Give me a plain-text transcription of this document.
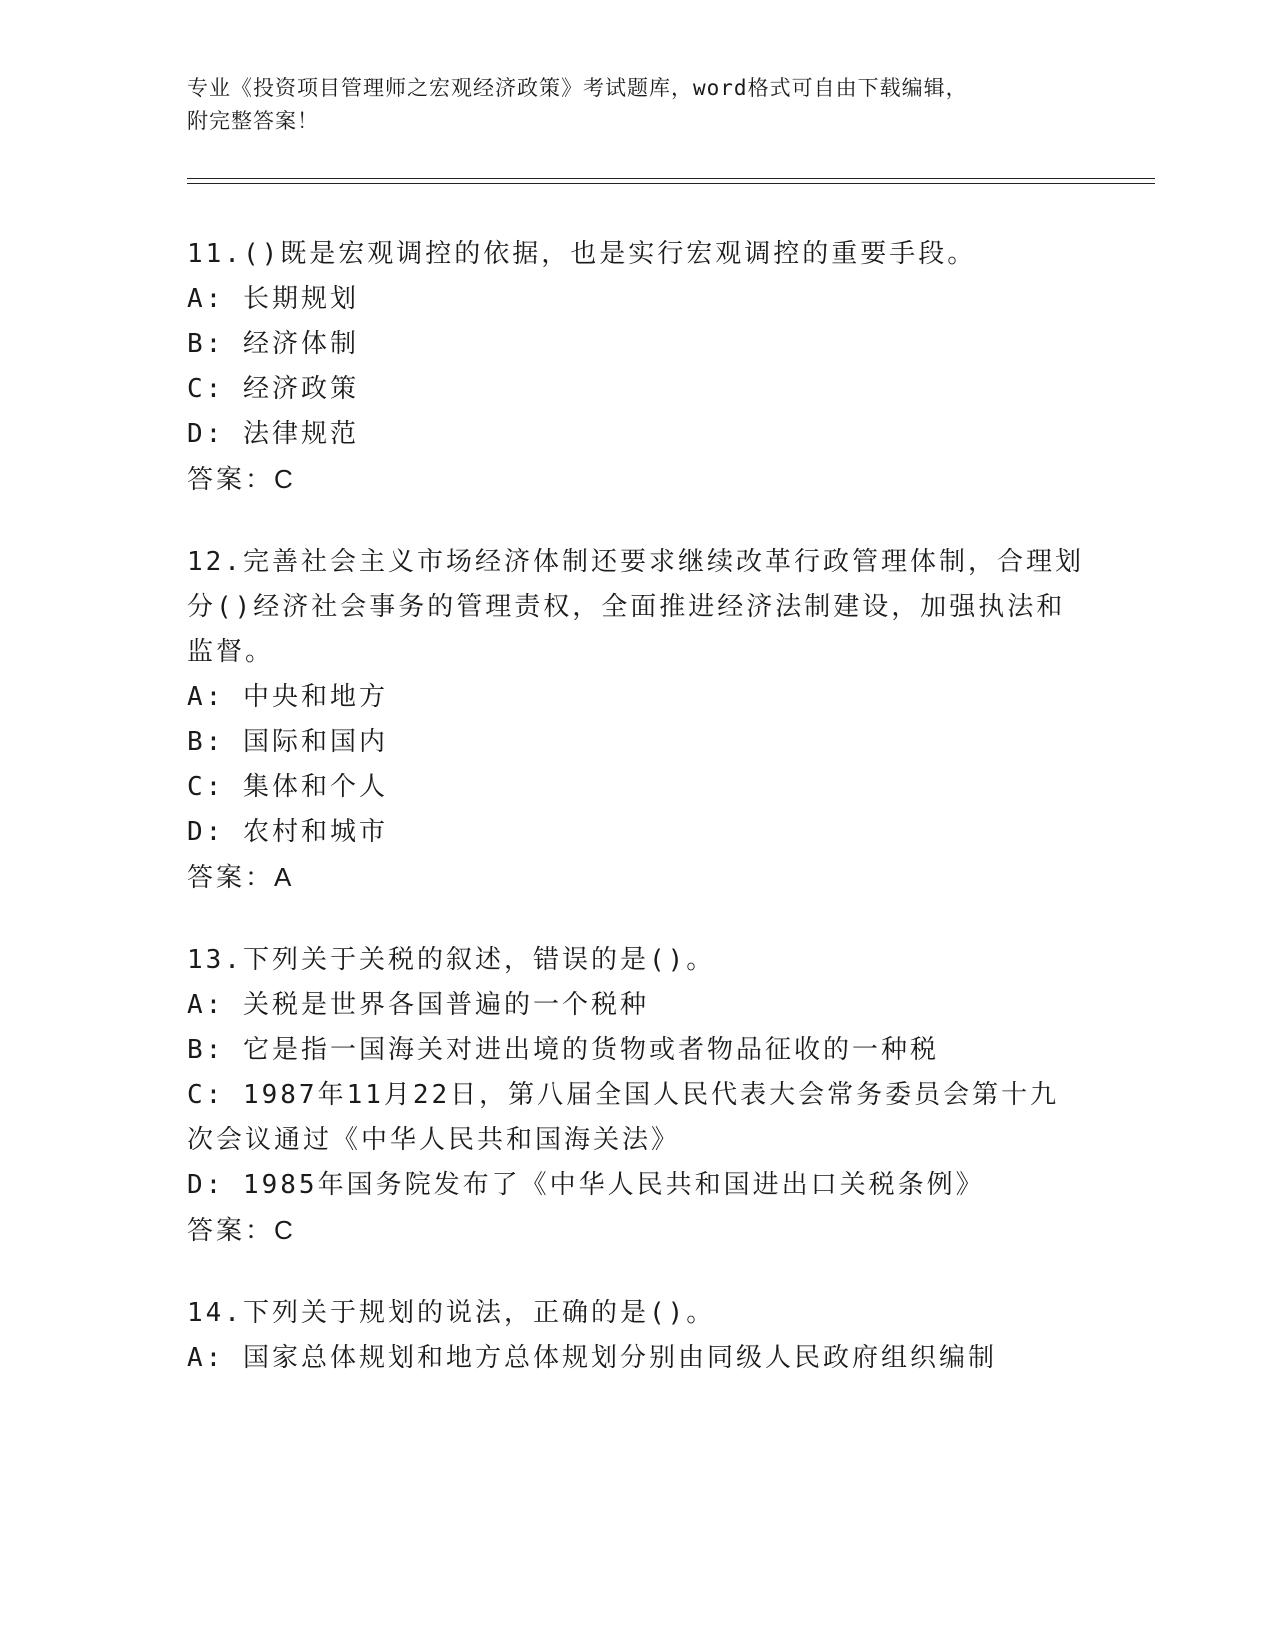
专业《投资项目管理师之宏观经济政策》考试题库，word格式可自由下载编辑，
附完整答案！
11.()既是宏观调控的依据，也是实行宏观调控的重要手段。
A: 长期规划
B: 经济体制
C: 经济政策
D: 法律规范
答案：C
12.完善社会主义市场经济体制还要求继续改革行政管理体制，合理划分()经济社会事务的管理责权，全面推进经济法制建设，加强执法和监督。
A: 中央和地方
B: 国际和国内
C: 集体和个人
D: 农村和城市
答案：A
13.下列关于关税的叙述，错误的是()。
A: 关税是世界各国普遍的一个税种
B: 它是指一国海关对进出境的货物或者物品征收的一种税
C: 1987年11月22日，第八届全国人民代表大会常务委员会第十九次会议通过《中华人民共和国海关法》
D: 1985年国务院发布了《中华人民共和国进出口关税条例》
答案：C
14.下列关于规划的说法，正确的是()。
A: 国家总体规划和地方总体规划分别由同级人民政府组织编制
